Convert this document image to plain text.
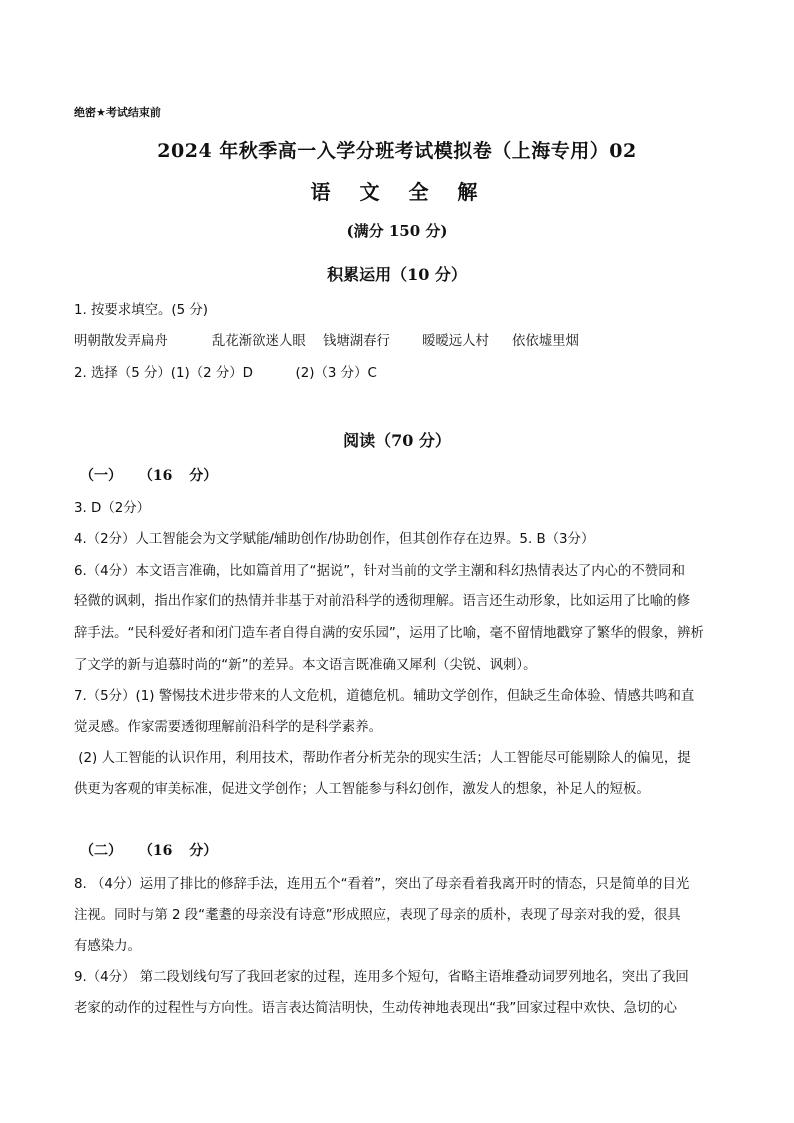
绝密★考试结束前
2024 年秋季高一入学分班考试模拟卷（上海专用）02
语 文 全 解
(满分 150 分)
积累运用（10 分）
1. 按要求填空。(5 分)
明朝散发弄扁舟	乱花渐欲迷人眼 钱塘湖春行 暧暧远人村 依依墟里烟
2. 选择（5 分）(1)（2 分）D          (2)（3 分）C
阅读（70 分）
（一） （16 分）
3. D（2分）
4.（2分）人工智能会为文学赋能/辅助创作/协助创作，但其创作存在边界。5. B（3分）
6.（4分）本文语言准确，比如篇首用了“据说”，针对当前的文学主潮和科幻热情表达了内心的不赞同和
轻微的讽刺，指出作家们的热情并非基于对前沿科学的透彻理解。语言还生动形象，比如运用了比喻的修
辞手法。“民科爱好者和闭门造车者自得自满的安乐园”，运用了比喻，毫不留情地戳穿了繁华的假象，辨析
了文学的新与追慕时尚的“新”的差异。本文语言既准确又犀利（尖锐、讽刺）。
7.（5分）(1) 警惕技术进步带来的人文危机，道德危机。辅助文学创作，但缺乏生命体验、情感共鸣和直
觉灵感。作家需要透彻理解前沿科学的是科学素养。
(2) 人工智能的认识作用，利用技术，帮助作者分析芜杂的现实生活；人工智能尽可能剔除人的偏见，提
供更为客观的审美标准，促进文学创作；人工智能参与科幻创作，激发人的想象，补足人的短板。
（二） （16 分）
8. （4分）运用了排比的修辞手法，连用五个“看着”，突出了母亲看着我离开时的情态，只是简单的目光
注视。同时与第 2 段“耄耋的母亲没有诗意”形成照应，表现了母亲的质朴，表现了母亲对我的爱，很具
有感染力。
9.（4分） 第二段划线句写了我回老家的过程，连用多个短句，省略主语堆叠动词罗列地名，突出了我回
老家的动作的过程性与方向性。语言表达简洁明快，生动传神地表现出“我”回家过程中欢快、急切的心
